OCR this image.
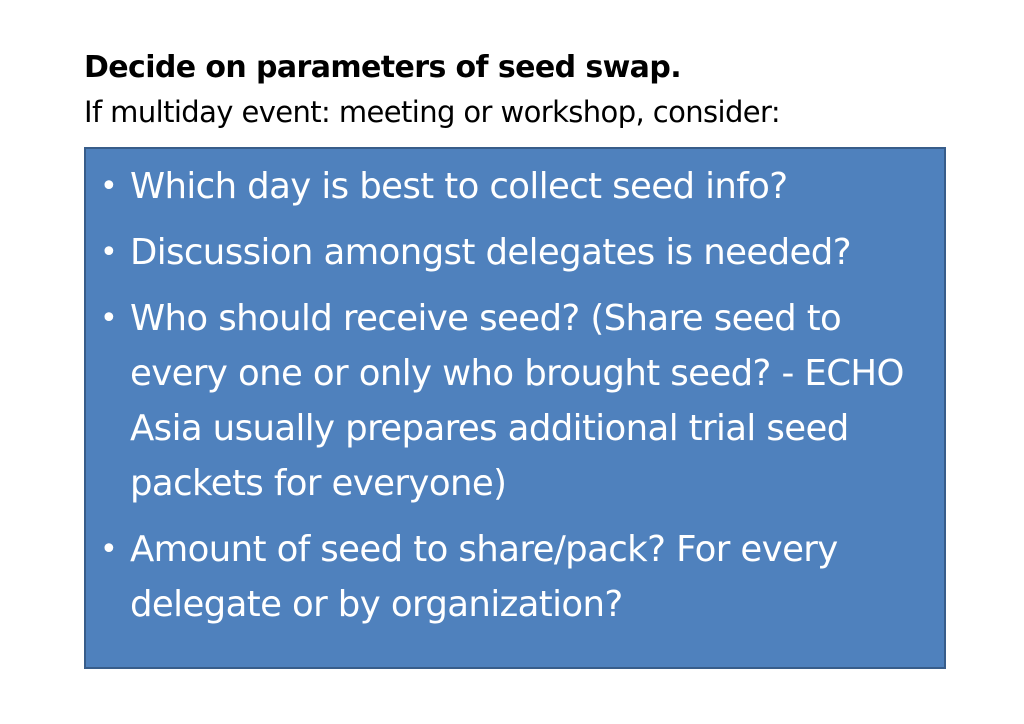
Decide on parameters of seed swap.
If multiday event: meeting or workshop, consider:
• Which day is best to collect seed info?
• Discussion amongst delegates is needed?
• Who should receive seed? (Share seed to every one or only who brought seed? - ECHO Asia usually prepares additional trial seed packets for everyone)
• Amount of seed to share/pack? For every delegate or by organization?
